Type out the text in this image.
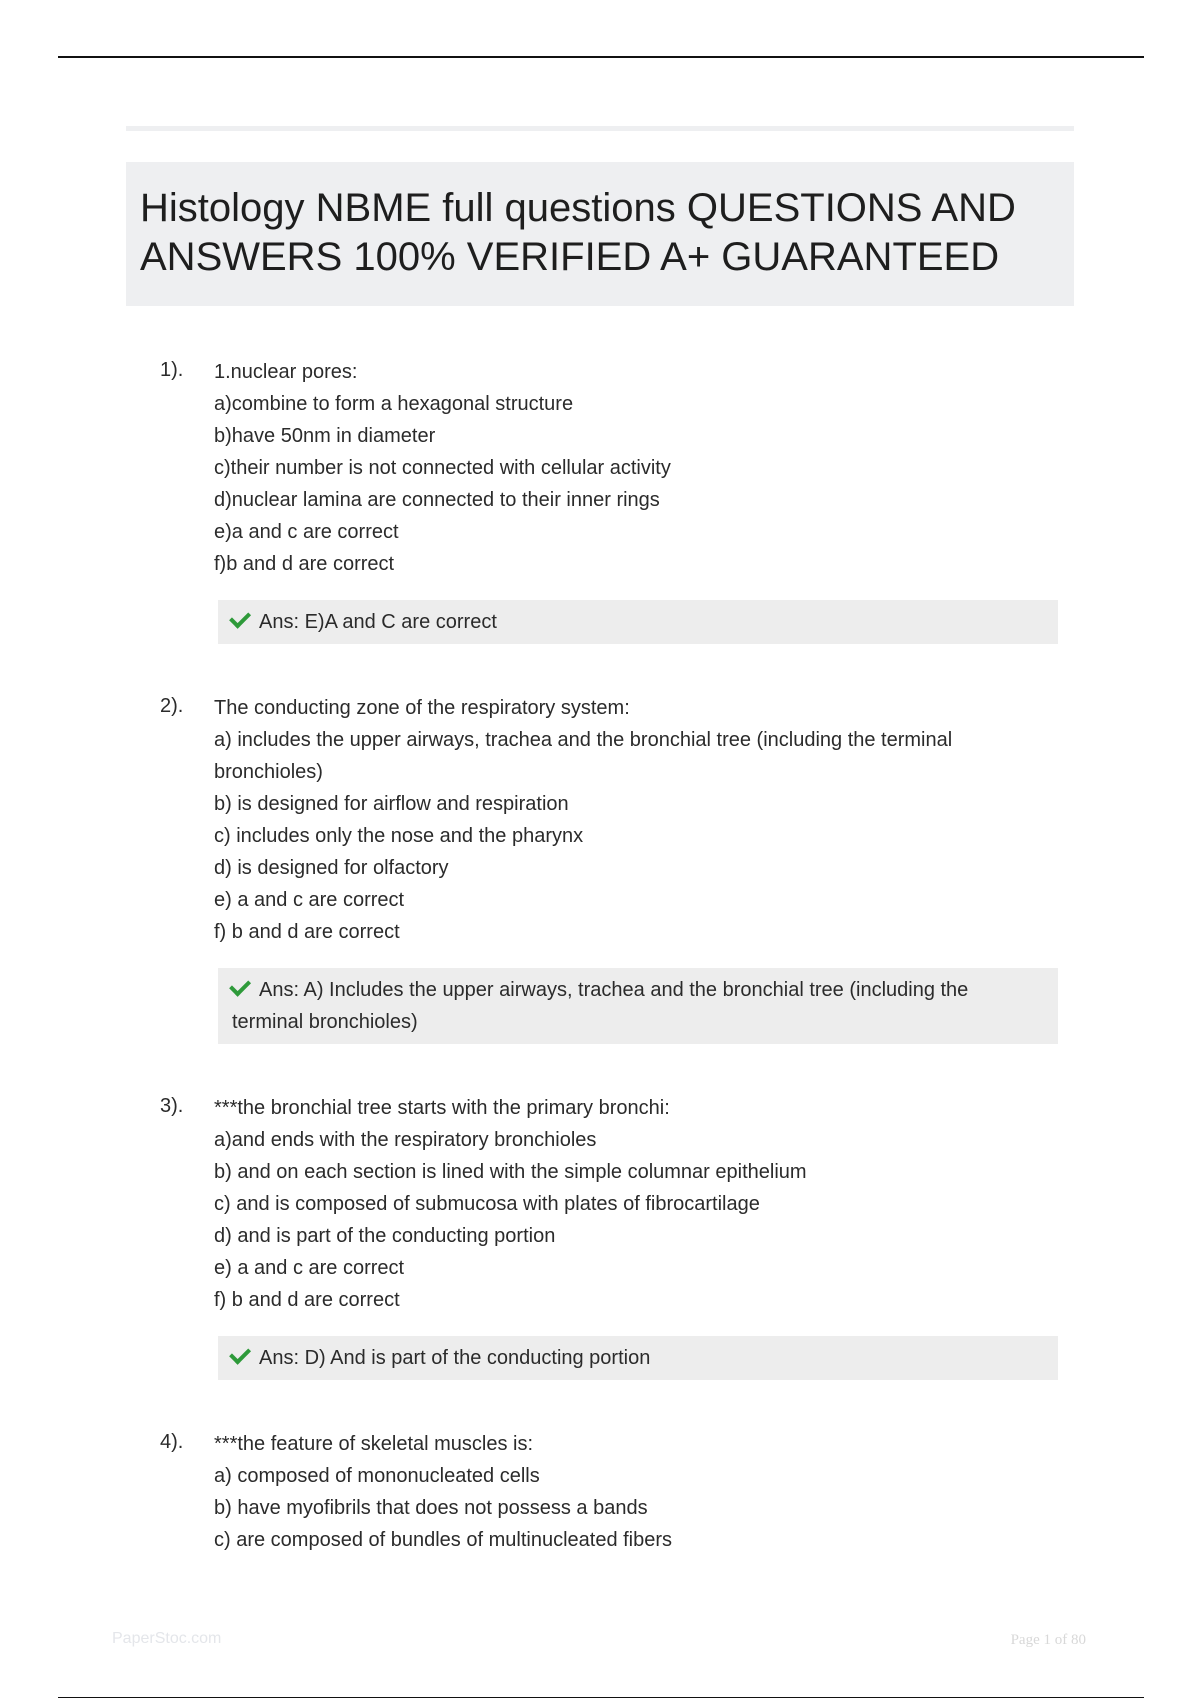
Histology NBME full questions QUESTIONS AND ANSWERS 100% VERIFIED A+ GUARANTEED
1). 1.nuclear pores:
a)combine to form a hexagonal structure
b)have 50nm in diameter
c)their number is not connected with cellular activity
d)nuclear lamina are connected to their inner rings
e)a and c are correct
f)b and d are correct
Ans: E)A and C are correct
2). The conducting zone of the respiratory system:
a) includes the upper airways, trachea and the bronchial tree (including the terminal bronchioles)
b) is designed for airflow and respiration
c) includes only the nose and the pharynx
d) is designed for olfactory
e) a and c are correct
f) b and d are correct
Ans: A) Includes the upper airways, trachea and the bronchial tree (including the terminal bronchioles)
3). ***the bronchial tree starts with the primary bronchi:
a)and ends with the respiratory bronchioles
b) and on each section is lined with the simple columnar epithelium
c) and is composed of submucosa with plates of fibrocartilage
d) and is part of the conducting portion
e) a and c are correct
f) b and d are correct
Ans: D) And is part of the conducting portion
4). ***the feature of skeletal muscles is:
a) composed of mononucleated cells
b) have myofibrils that does not possess a bands
c) are composed of bundles of multinucleated fibers
PaperStoc.com	Page 1 of 80
